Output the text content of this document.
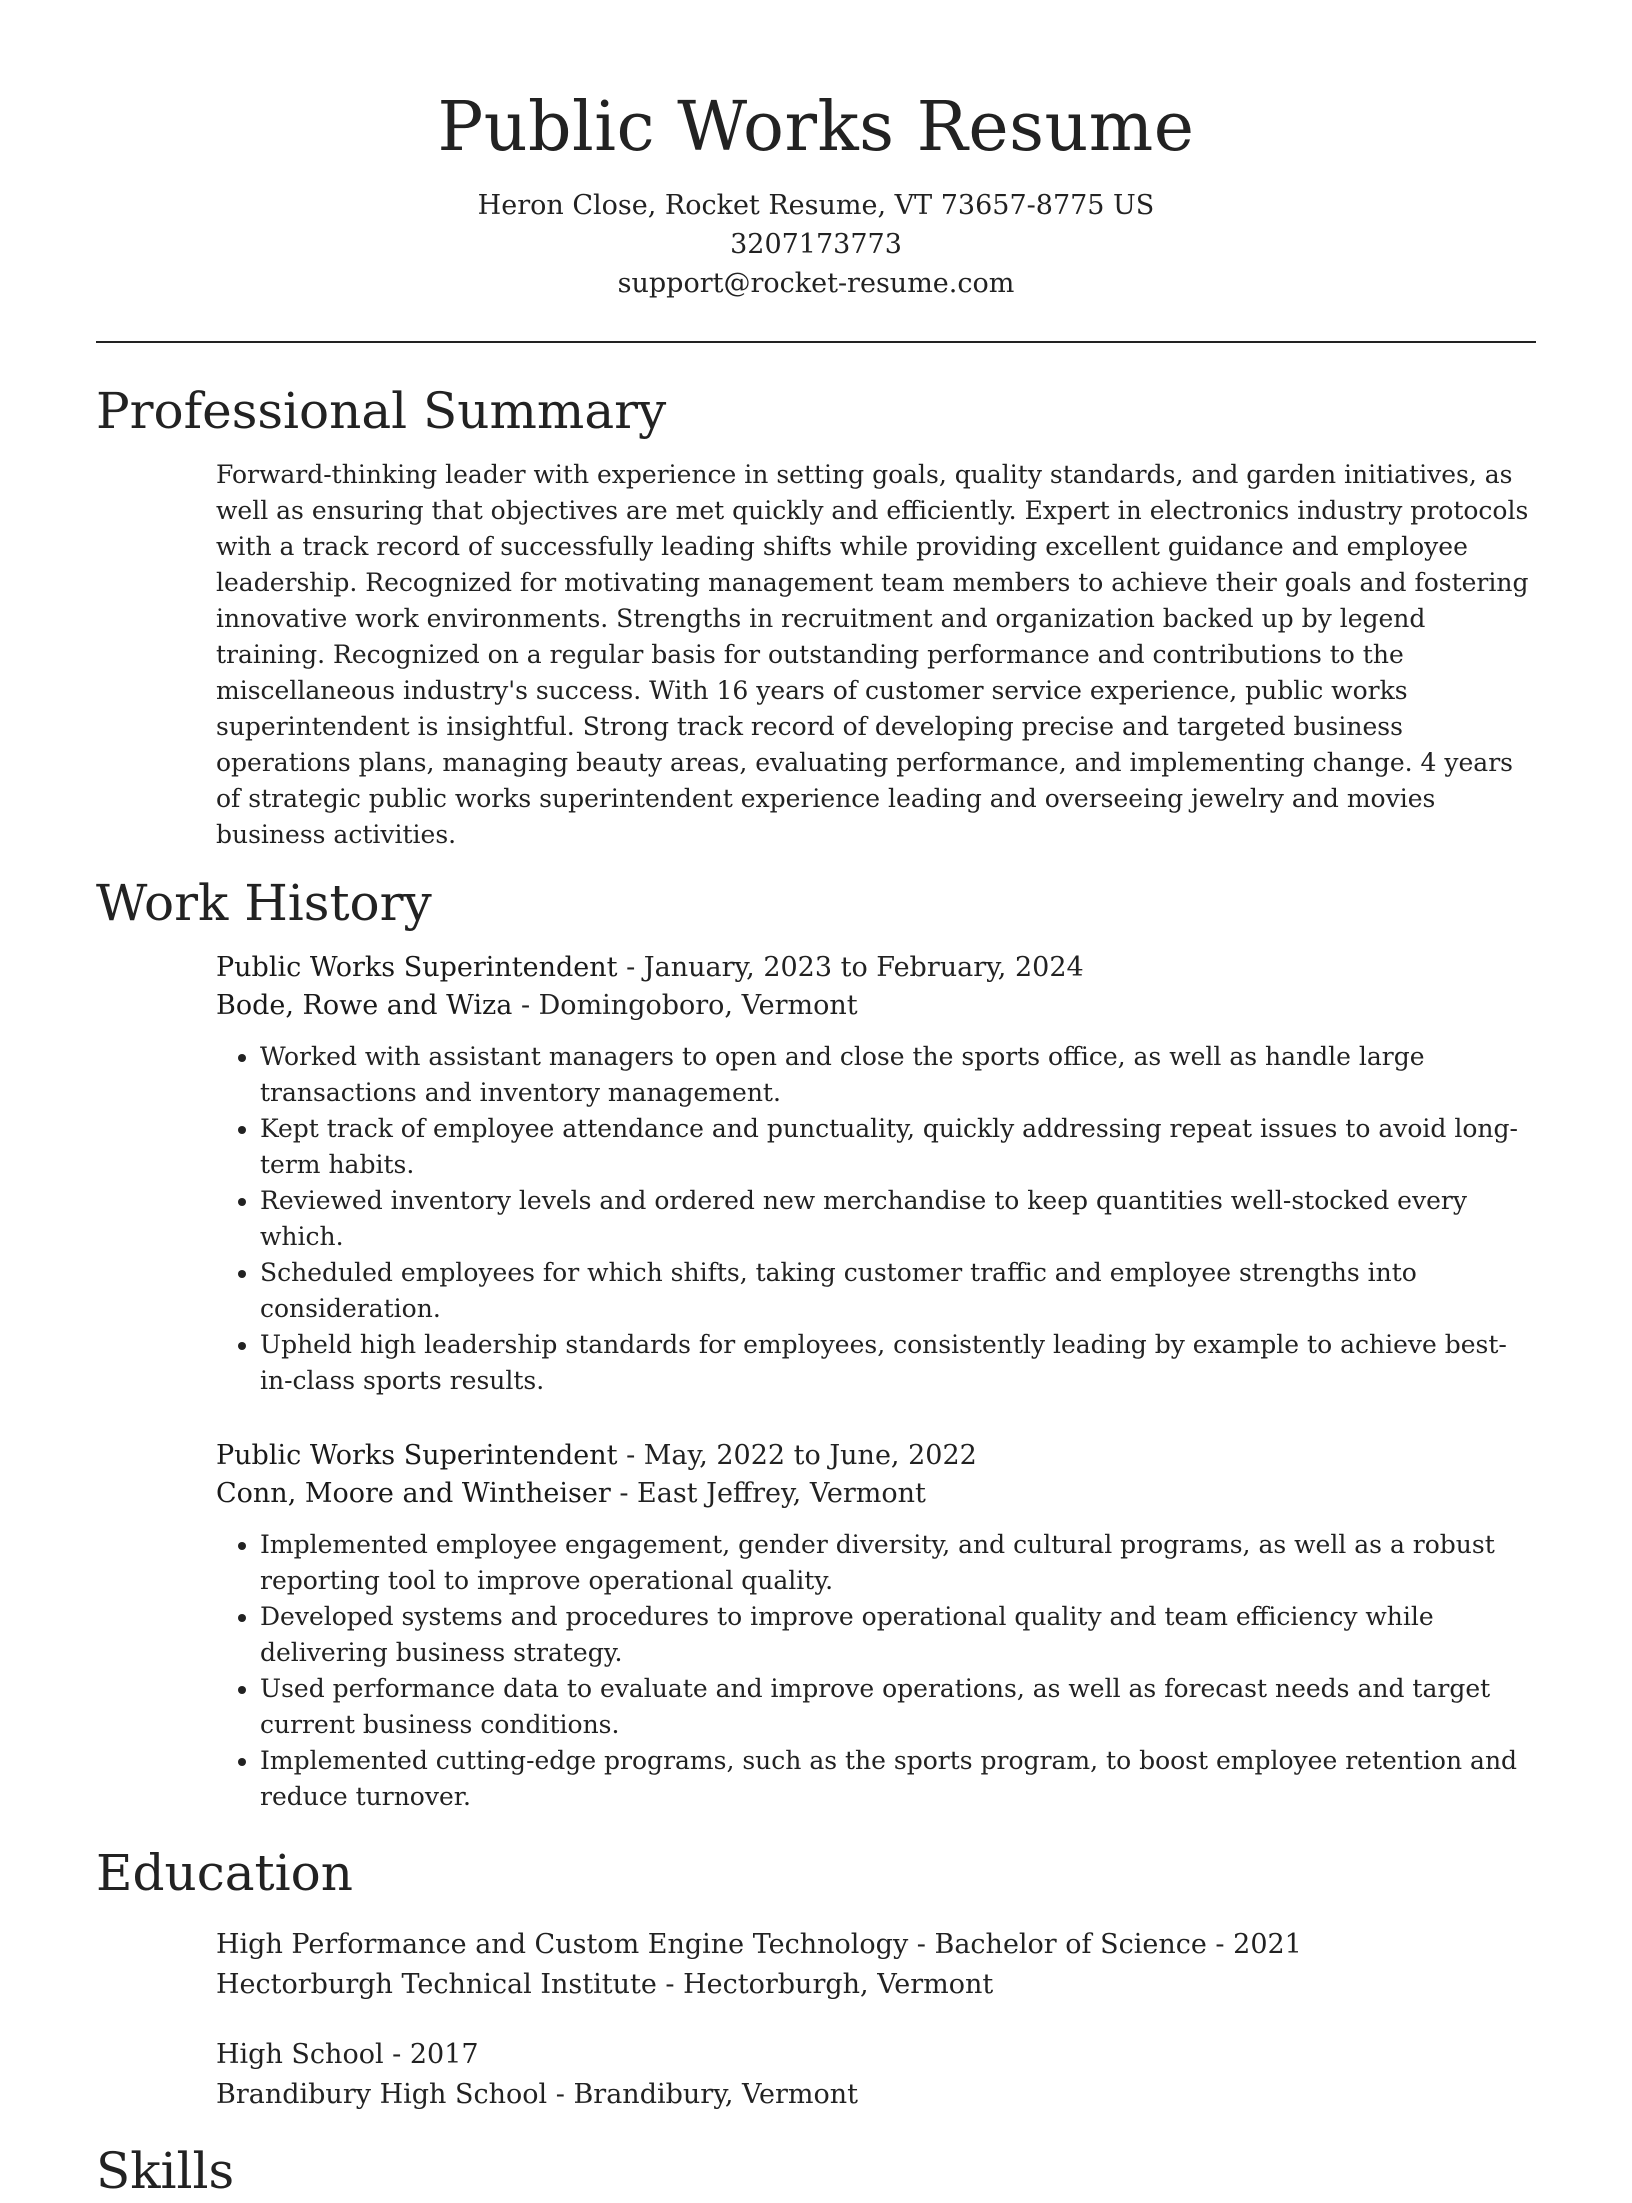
Public Works Resume

Heron Close, Rocket Resume, VT 73657-8775 US

3207173773

support@rocket-resume.com

Professional Summary

Forward-thinking leader with experience in setting goals, quality standards, and garden initiatives, as well as ensuring that objectives are met quickly and efficiently. Expert in electronics industry protocols with a track record of successfully leading shifts while providing excellent guidance and employee leadership. Recognized for motivating management team members to achieve their goals and fostering innovative work environments. Strengths in recruitment and organization backed up by legend training. Recognized on a regular basis for outstanding performance and contributions to the miscellaneous industry's success. With 16 years of customer service experience, public works superintendent is insightful. Strong track record of developing precise and targeted business operations plans, managing beauty areas, evaluating performance, and implementing change. 4 years of strategic public works superintendent experience leading and overseeing jewelry and movies business activities.

Work History

Public Works Superintendent - January, 2023 to February, 2024

Bode, Rowe and Wiza - Domingoboro, Vermont

• Worked with assistant managers to open and close the sports office, as well as handle large transactions and inventory management.
• Kept track of employee attendance and punctuality, quickly addressing repeat issues to avoid long-term habits.
• Reviewed inventory levels and ordered new merchandise to keep quantities well-stocked every which.
• Scheduled employees for which shifts, taking customer traffic and employee strengths into consideration.
• Upheld high leadership standards for employees, consistently leading by example to achieve best-in-class sports results.

Public Works Superintendent - May, 2022 to June, 2022

Conn, Moore and Wintheiser - East Jeffrey, Vermont

• Implemented employee engagement, gender diversity, and cultural programs, as well as a robust reporting tool to improve operational quality.
• Developed systems and procedures to improve operational quality and team efficiency while delivering business strategy.
• Used performance data to evaluate and improve operations, as well as forecast needs and target current business conditions.
• Implemented cutting-edge programs, such as the sports program, to boost employee retention and reduce turnover.
Education

High Performance and Custom Engine Technology - Bachelor of Science - 2021

Hectorburgh Technical Institute - Hectorburgh, Vermont

High School - 2017

Brandibury High School - Brandibury, Vermont

Skills
